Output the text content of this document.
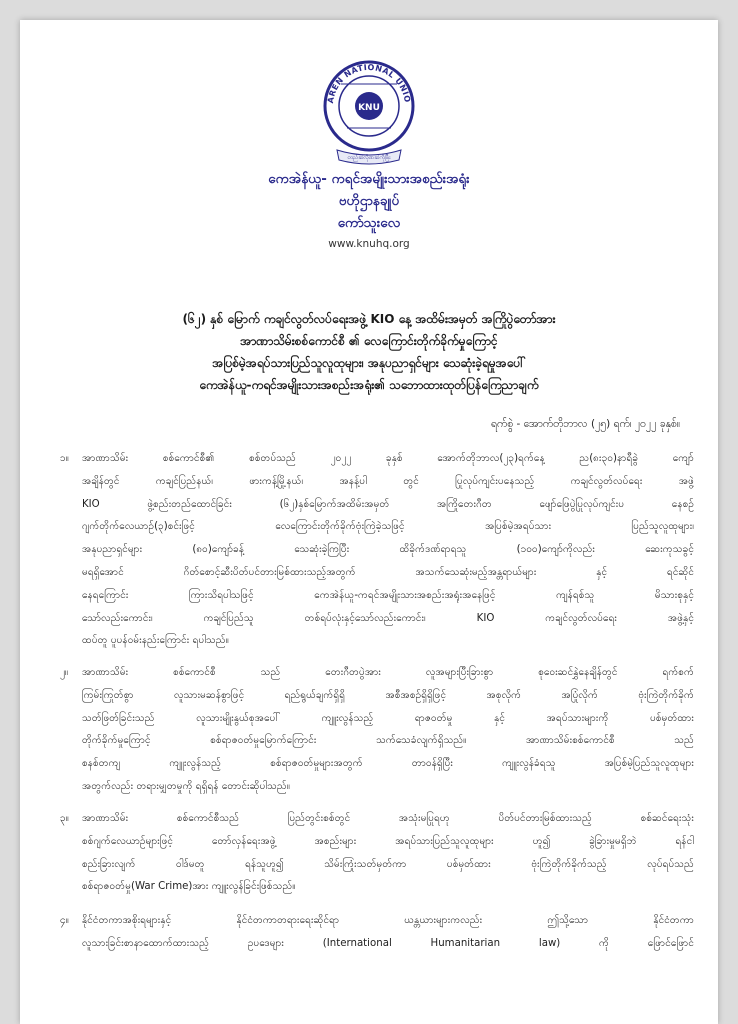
AREN NATIONAL UNIO
KNU
တည်ဆဲလိုဏဆဲကိုဖြီး
ကေအဲန်ယူ- ကရင်အမျိုးသားအစည်းအရုံး
ဗဟိုဌာနချုပ်
ကော်သူးလေ
www.knuhq.org
(၆၂) နှစ် မြောက် ကချင်လွတ်လပ်ရေးအဖွဲ့ KIO နေ့ အထိမ်းအမှတ် အကြိုပွဲတော်အား
အာဏာသိမ်းစစ်ကောင်စီ ၏ လေကြောင်းတိုက်ခိုက်မှုကြောင့်
အပြစ်မဲ့အရပ်သားပြည်သူလူထုများ၊ အနုပညာရှင်များ သေဆုံးခဲ့ရမှုအပေါ်
ကေအဲန်ယူ-ကရင်အမျိုးသားအစည်းအရုံး၏ သဘောထားထုတ်ပြန်ကြေညာချက်
ရက်စွဲ - အောက်တိုဘာလ (၂၅) ရက်၊ ၂၀၂၂ ခုနှစ်။
၁။ အာဏာသိမ်း စစ်ကောင်စီ၏ စစ်တပ်သည် ၂၀၂၂ ခုနှစ် အောက်တိုဘာလ(၂၃)ရက်နေ့ ည(၈း၃၀)နာရီခွဲ ကျော်
အချိန်တွင် ကချင်ပြည်နယ်၊ ဖားကန့်မြို့နယ်၊ အနန့်ပါ တွင် ပြုလုပ်ကျင်းပနေသည့် ကချင်လွတ်လပ်ရေး အဖွဲ့
KIO ဖွဲ့စည်းတည်ထောင်ခြင်း (၆၂)နှစ်မြောက်အထိမ်းအမှတ် အကြိုတေးဂီတ ဖျော်ဖြေပွဲပြုလုပ်ကျင်းပ နေစဉ်
ဂျက်တိုက်လေယာဉ်(၃)စင်းဖြင့် လေကြောင်းတိုက်ခိုက်ဗုံးကြဲခဲ့သဖြင့် အပြစ်မဲ့အရပ်သား ပြည်သူလူထုများ၊
အနုပညာရှင်များ (၈၀)ကျော်ခန့် သေဆုံးခဲ့ကြပြီး ထိခိုက်ဒဏ်ရာရသူ (၁၀၀)ကျော်ကိုလည်း ဆေးကုသခွင့်
မရရှိအောင် ဂိတ်စောင့်ဆီးပိတ်ပင်တားမြစ်ထားသည့်အတွက် အသက်သေဆုံးမည့်အန္တရာယ်များ နှင့် ရင်ဆိုင်
နေရကြောင်း ကြားသိရပါသဖြင့် ကေအဲန်ယူ-ကရင်အမျိုးသားအစည်းအရုံးအနေဖြင့် ကျန်ရစ်သူ မိသားစုနှင့်
သော်လည်းကောင်း၊ ကချင်ပြည်သူ တစ်ရပ်လုံးနှင့်သော်လည်းကောင်း၊ KIO ကချင်လွတ်လပ်ရေး အဖွဲ့နှင့်
ထပ်တူ ပူပန်ဝမ်းနည်းကြောင်း ရပါသည်။
၂။ အာဏာသိမ်း စစ်ကောင်စီ သည် တေးဂီတပွဲအား လူအများပြီးခြားစွာ စုဝေးဆင်နွှဲနေချိန်တွင် ရက်စက်
ကြမ်းကြုတ်စွာ လူသားမဆန်စွာဖြင့် ရည်ရွယ်ချက်ရှိရှိ အစီအစဉ်ရှိရှိဖြင့် အစုလိုက် အပြုံလိုက် ဗုံးကြဲတိုက်ခိုက်
သတ်ဖြတ်ခြင်းသည် လူသားမျိုးနွယ်စုအပေါ် ကျူးလွန်သည့် ရာဇဝတ်မှု နှင့် အရပ်သားများကို ပစ်မှတ်ထား
တိုက်ခိုက်မှုကြောင့် စစ်ရာဇဝတ်မှုမြောက်ကြောင်း သက်သေခံလျက်ရှိသည်။ အာဏာသိမ်းစစ်ကောင်စီ သည်
စနစ်တကျ ကျူးလွန်သည့် စစ်ရာဇဝတ်မှုများအတွက် တာဝန်ရှိပြီး ကျူးလွန်ခံရသူ အပြစ်မဲ့ပြည်သူလူထုများ
အတွက်လည်း တရားမျှတမှုကို ရရှိရန် တောင်းဆိုပါသည်။
၃။ အာဏာသိမ်း စစ်ကောင်စီသည် ပြည်တွင်းစစ်တွင် အသုံးမပြုရဟု ပိတ်ပင်တားမြစ်ထားသည့် စစ်ဆင်ရေးသုံး
စစ်ဂျက်လေယာဉ်များဖြင့် တော်လှန်ရေးအဖွဲ့ အစည်းများ အရပ်သားပြည်သူလူထုများ ဟူ၍ ခွဲခြားမှုမရှိဘဲ ရန်ငါ
စည်းခြားလျက် ဝါဒ်မတူ ရန်သူဟူ၍ သိမ်းကြုံးသတ်မှတ်ကာ ပစ်မှတ်ထား ဗုံးကြဲတိုက်ခိုက်သည့် လုပ်ရပ်သည်
စစ်ရာဇဝတ်မှု(War Crime)အား ကျူးလွန်ခြင်းဖြစ်သည်။
၄။ နိုင်ငံတကာအစိုးရများနှင့် နိုင်ငံတကာတရားရေးဆိုင်ရာ ယန္တယားများကလည်း ဤသို့သော နိုင်ငံတကာ
လူသားခြင်းစာနာထောက်ထားသည့် ဥပဒေများ (International Humanitarian law) ကို ဖြောင်ဖြောင်
